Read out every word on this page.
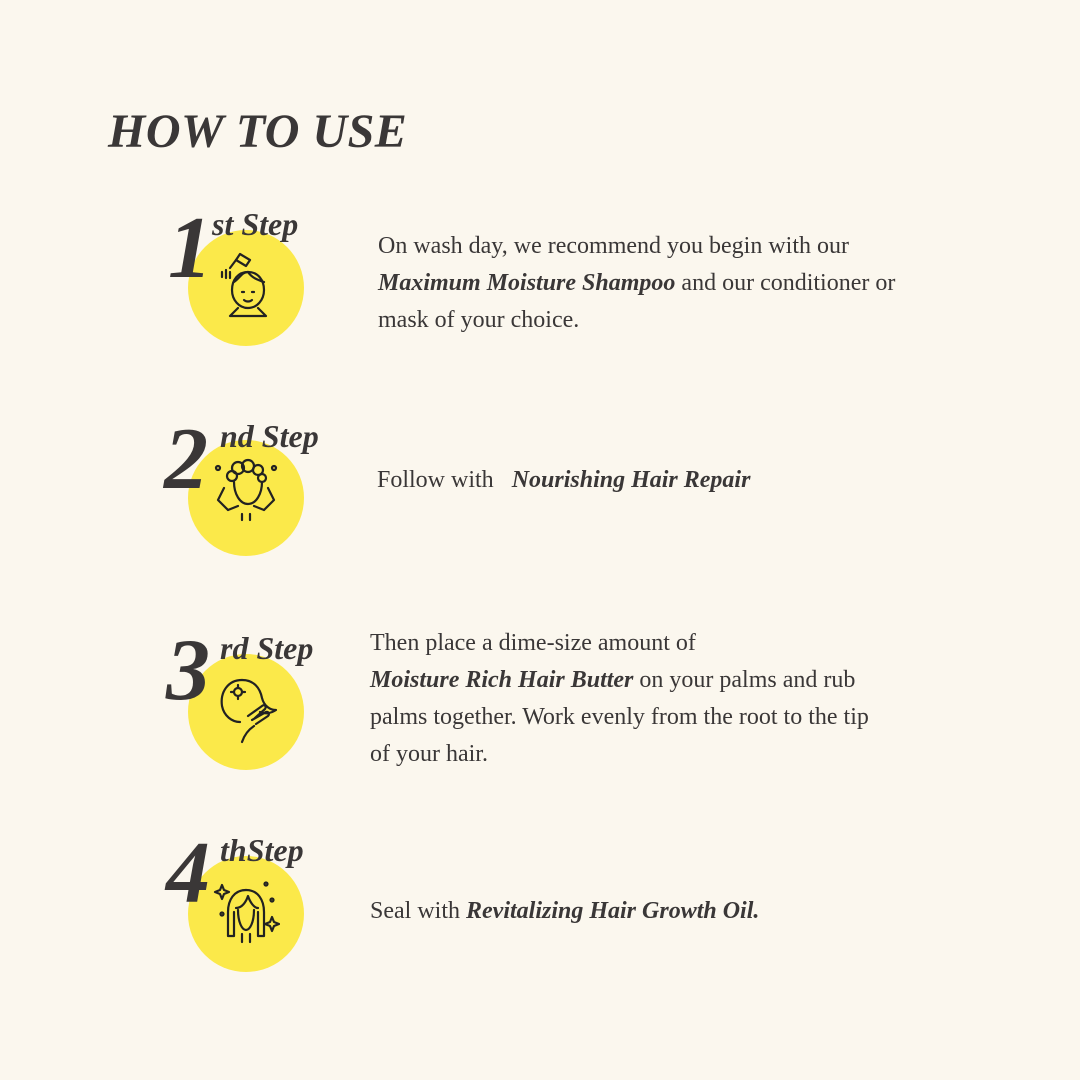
HOW TO USE
1 st Step
On wash day, we recommend you begin with our Maximum Moisture Shampoo and our conditioner or mask of your choice.
2 nd Step
Follow with   Nourishing Hair Repair
3 rd Step Then place a dime-size amount of
Moisture Rich Hair Butter on your palms and rub palms together. Work evenly from the root to the tip of your hair.
4 thStep
Seal with Revitalizing Hair Growth Oil.
